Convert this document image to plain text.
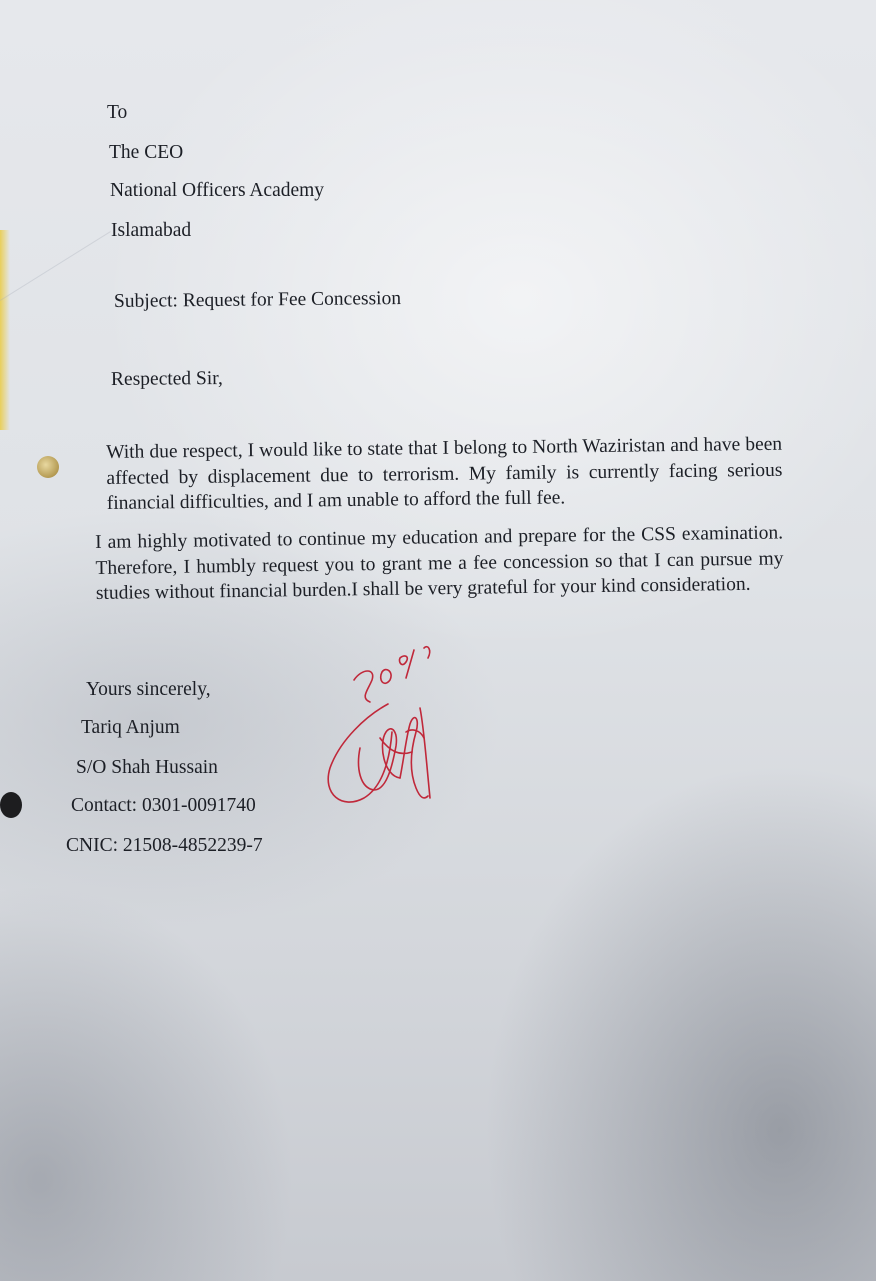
To
The CEO
National Officers Academy
Islamabad
Subject: Request for Fee Concession
Respected Sir,
With due respect, I would like to state that I belong to North Waziristan and have been affected by displacement due to terrorism. My family is currently facing serious financial difficulties, and I am unable to afford the full fee.
I am highly motivated to continue my education and prepare for the CSS examination. Therefore, I humbly request you to grant me a fee concession so that I can pursue my studies without financial burden.I shall be very grateful for your kind consideration.
Yours sincerely,
Tariq Anjum
S/O Shah Hussain
Contact: 0301-0091740
CNIC: 21508-4852239-7
